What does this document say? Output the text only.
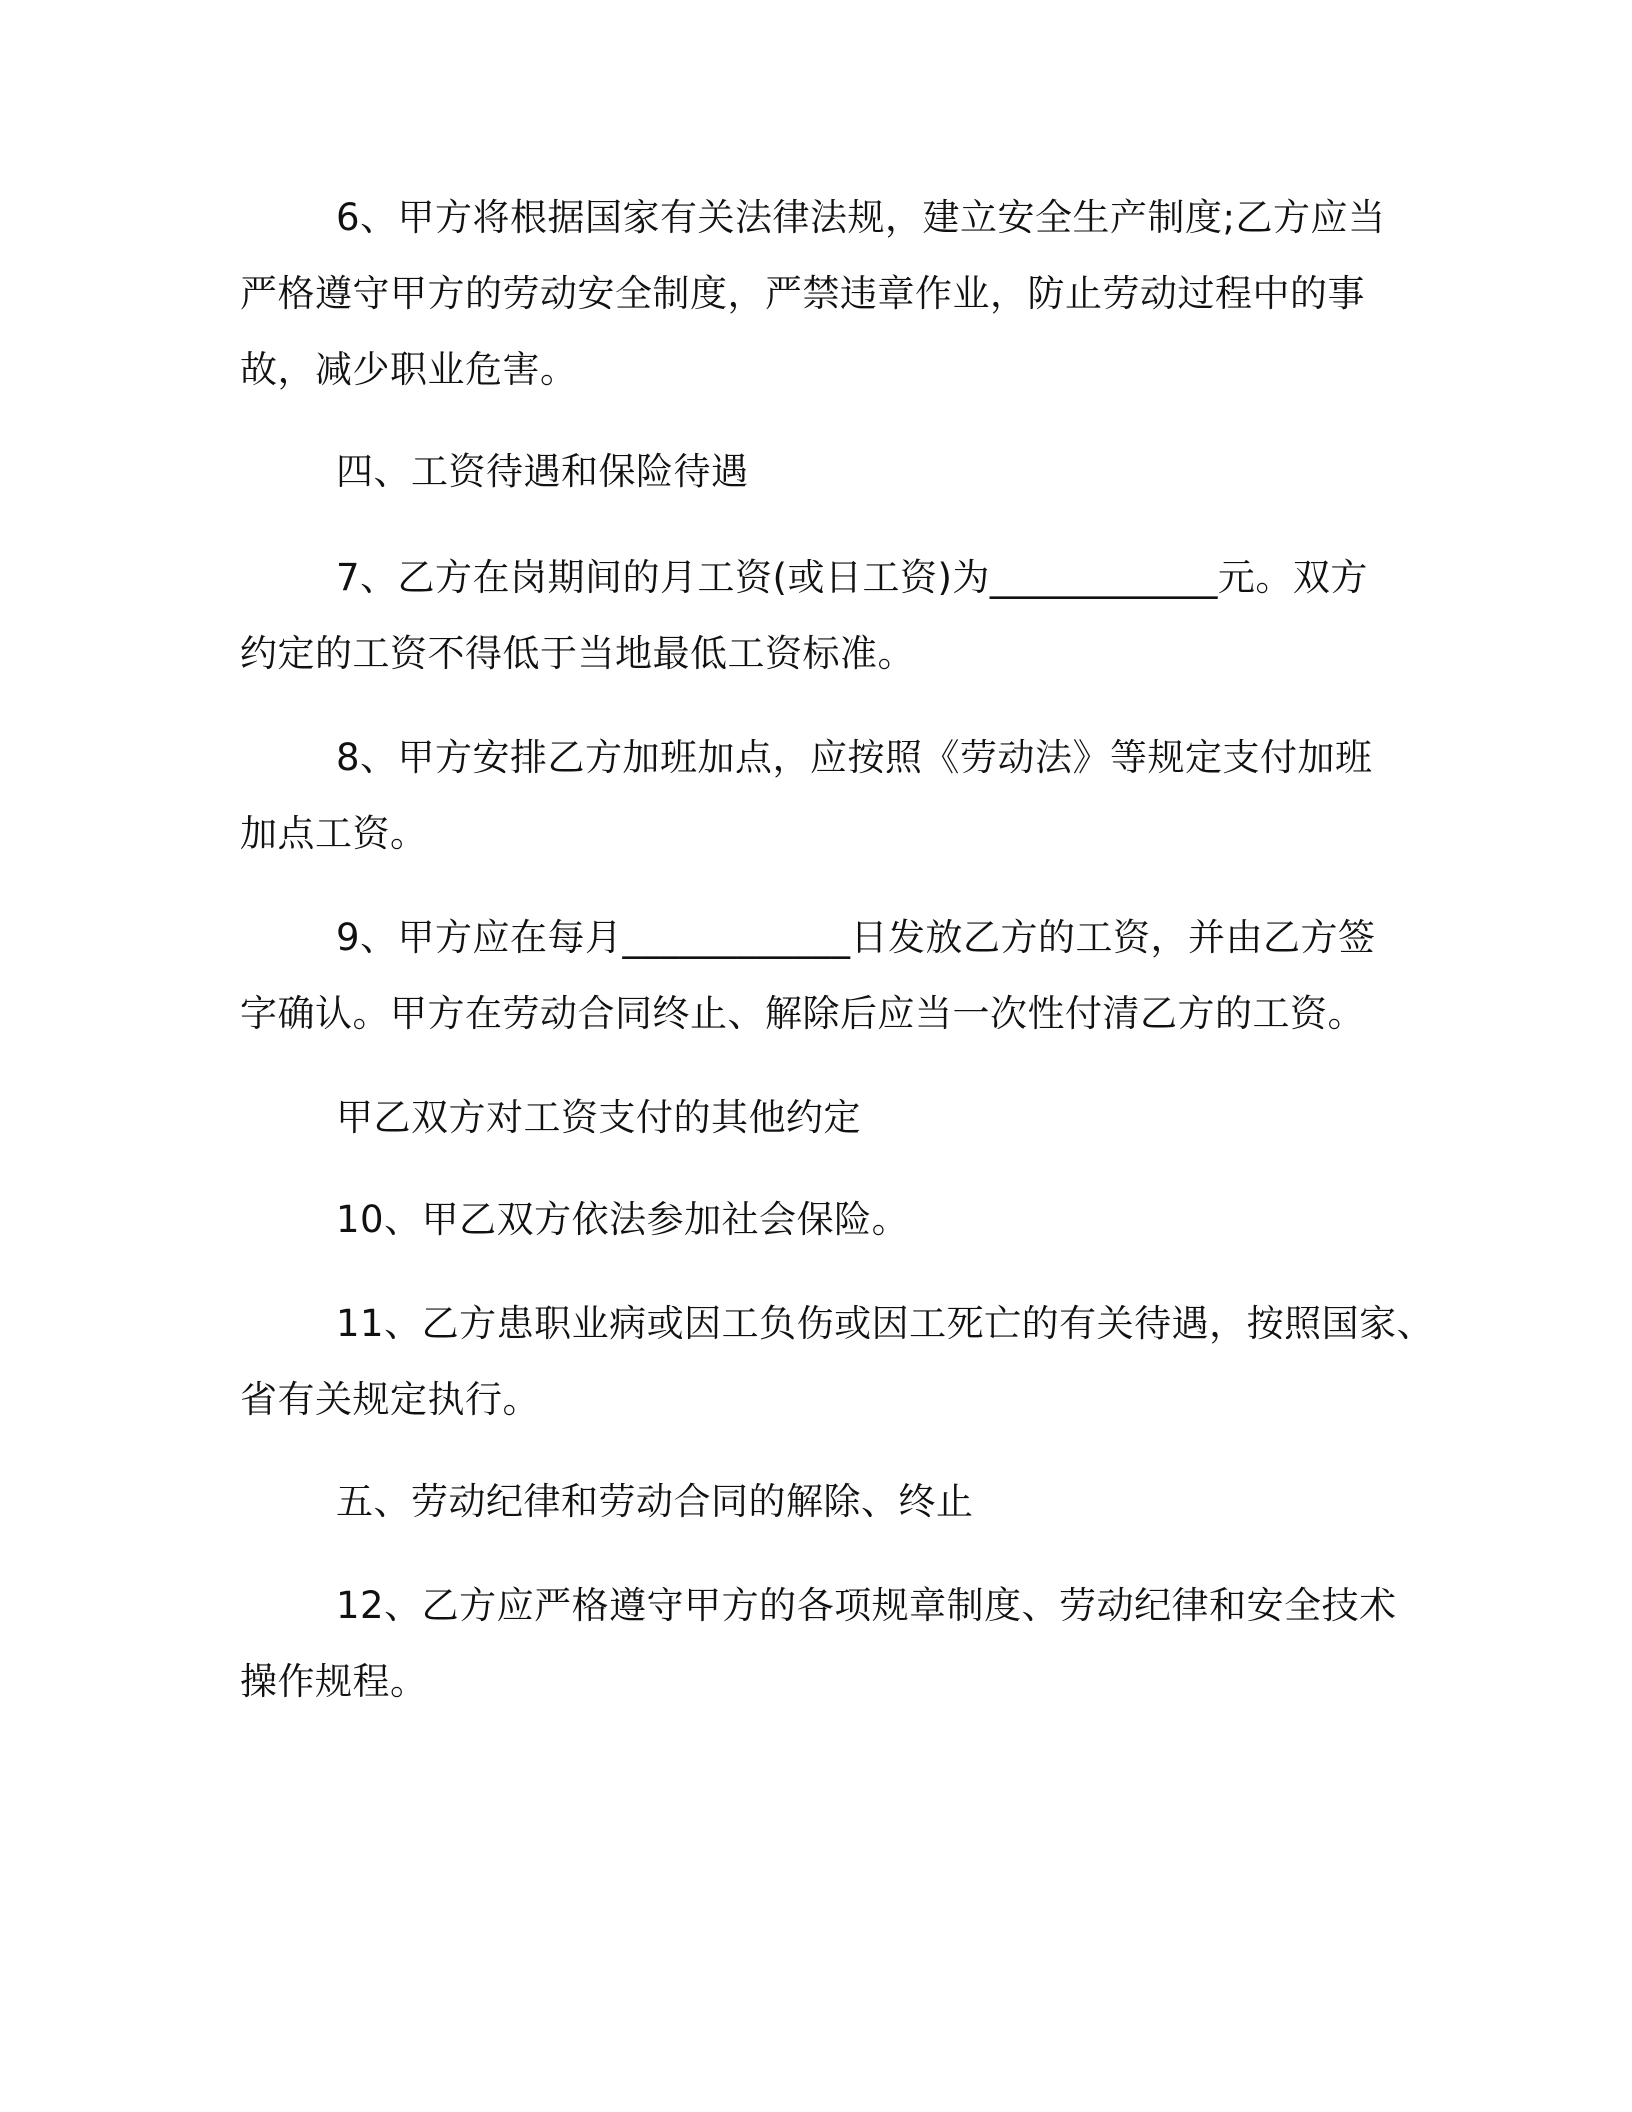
6、甲方将根据国家有关法律法规，建立安全生产制度;乙方应当
严格遵守甲方的劳动安全制度，严禁违章作业，防止劳动过程中的事
故，减少职业危害。
四、工资待遇和保险待遇
7、乙方在岗期间的月工资(或日工资)为____________元。双方
约定的工资不得低于当地最低工资标准。
8、甲方安排乙方加班加点，应按照《劳动法》等规定支付加班
加点工资。
9、甲方应在每月____________日发放乙方的工资，并由乙方签
字确认。甲方在劳动合同终止、解除后应当一次性付清乙方的工资。
甲乙双方对工资支付的其他约定
10、甲乙双方依法参加社会保险。
11、乙方患职业病或因工负伤或因工死亡的有关待遇，按照国家、
省有关规定执行。
五、劳动纪律和劳动合同的解除、终止
12、乙方应严格遵守甲方的各项规章制度、劳动纪律和安全技术
操作规程。
